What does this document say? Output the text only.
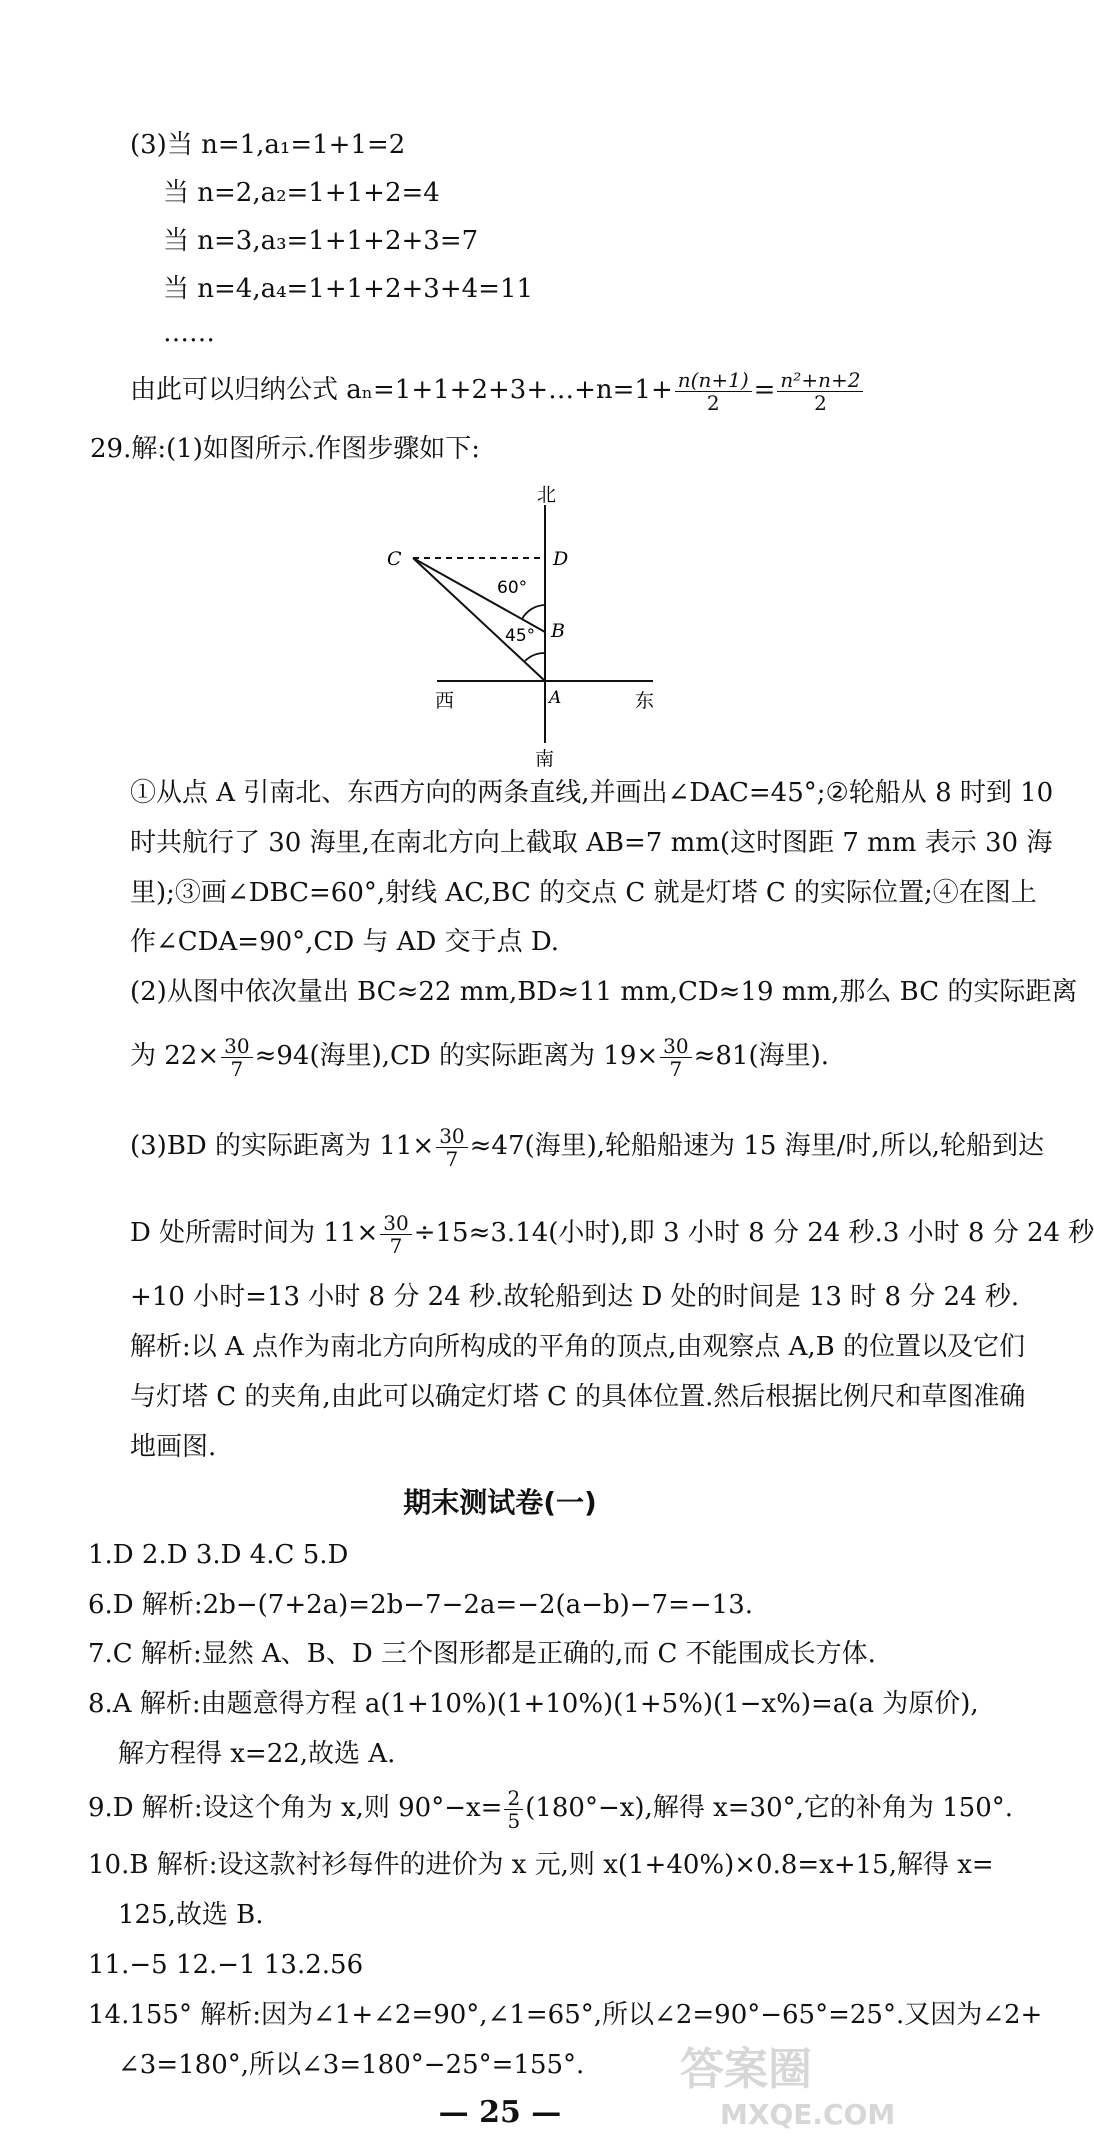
(3)当 n=1,a₁=1+1=2
当 n=2,a₂=1+1+2=4
当 n=3,a₃=1+1+2+3=7
当 n=4,a₄=1+1+2+3+4=11
……
由此可以归纳公式 aₙ=1+1+2+3+…+n=1+ $\frac{n(n+1)}{2} = \frac{\text{n²+n+2}}{2}$
29.解:(1)如图所示.作图步骤如下:
北
南
西	东
C	D
B
A
60°
45°
①从点 A 引南北、东西方向的两条直线,并画出∠DAC=45°;②轮船从 8 时到 10
时共航行了 30 海里,在南北方向上截取 AB=7 mm(这时图距 7 mm 表示 30 海
里);③画∠DBC=60°,射线 AC,BC 的交点 C 就是灯塔 C 的实际位置;④在图上
作∠CDA=90°,CD 与 AD 交于点 D.
(2)从图中依次量出 BC≈22 mm,BD≈11 mm,CD≈19 mm,那么 BC 的实际距离
为 $22\times \frac{30}{7} \approx 94$(海里),CD 的实际距离为 $19\times \frac{30}{7} \approx 81$(海里).
(3)BD 的实际距离为 $11\times \frac{30}{7} \approx 47$(海里),轮船船速为 15 海里/时,所以,轮船到达
D 处所需时间为 $11\times \frac{30}{7} \div 15\approx 3.14$(小时),即 3 小时 8 分 24 秒.3 小时 8 分 24 秒
+10 小时=13 小时 8 分 24 秒.故轮船到达 D 处的时间是 13 时 8 分 24 秒.
解析:以 A 点作为南北方向所构成的平角的顶点,由观察点 A,B 的位置以及它们
与灯塔 C 的夹角,由此可以确定灯塔 C 的具体位置.然后根据比例尺和草图准确
地画图.
期末测试卷(一)
1.D 2.D 3.D 4.C 5.D
6.D 解析:2b−(7+2a)=2b−7−2a=−2(a−b)−7=−13.
7.C 解析:显然 A、B、D 三个图形都是正确的,而 C 不能围成长方体.
8.A 解析:由题意得方程 a(1+10%)(1+10%)(1+5%)(1−x%)=a(a 为原价),
解方程得 x=22,故选 A.
9.D 解析:设这个角为 x,则 $90^\circ-x= \frac{2}{5} (180^\circ-x)$,解得 x=30°,它的补角为 150°.
10.B 解析:设这款衬衫每件的进价为 x 元,则 x(1+40%)×0.8=x+15,解得 x=
125,故选 B.
11.−5 12.−1 13.2.56
14.155° 解析:因为∠1+∠2=90°,∠1=65°,所以∠2=90°−65°=25°.又因为∠2+
∠3=180°,所以∠3=180°−25°=155°.
— 25 —
答案圈
MXQE.COM
